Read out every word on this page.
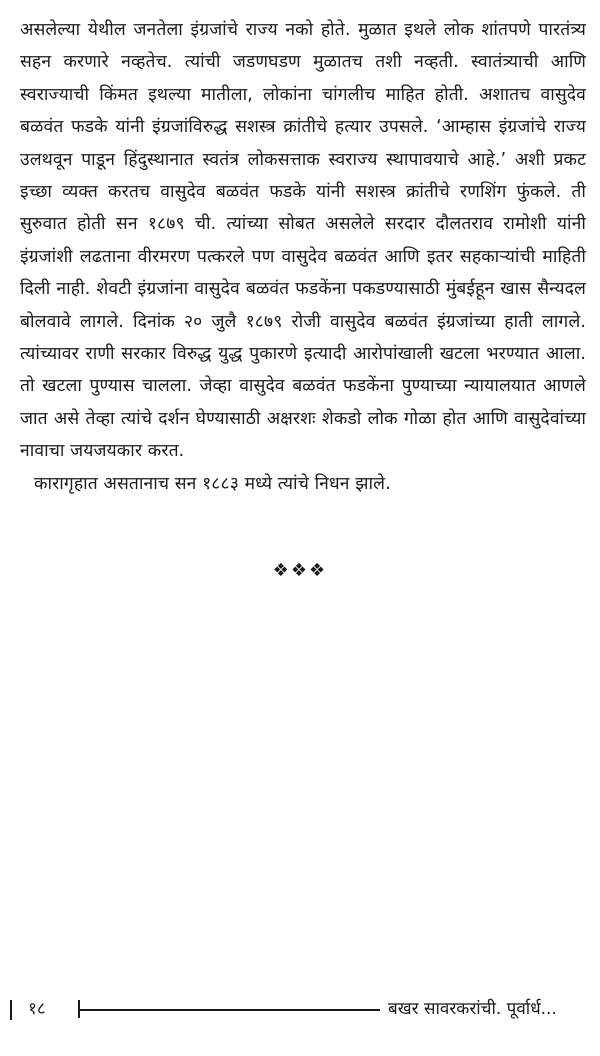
असलेल्या येथील जनतेला इंग्रजांचे राज्य नको होते. मुळात इथले लोक शांतपणे पारतंत्र्य सहन करणारे नव्हतेच. त्यांची जडणघडण मुळातच तशी नव्हती. स्वातंत्र्याची आणि स्वराज्याची किंमत इथल्या मातीला, लोकांना चांगलीच माहित होती. अशातच वासुदेव बळवंत फडके यांनी इंग्रजांविरुद्ध सशस्त्र क्रांतीचे हत्यार उपसले. ‘आम्हास इंग्रजांचे राज्य उलथवून पाडून हिंदुस्थानात स्वतंत्र लोकसत्ताक स्वराज्य स्थापावयाचे आहे.’ अशी प्रकट इच्छा व्यक्त करतच वासुदेव बळवंत फडके यांनी सशस्त्र क्रांतीचे रणशिंग फुंकले. ती सुरुवात होती सन १८७९ ची. त्यांच्या सोबत असलेले सरदार दौलतराव रामोशी यांनी इंग्रजांशी लढताना वीरमरण पत्करले पण वासुदेव बळवंत आणि इतर सहकाऱ्यांची माहिती दिली नाही. शेवटी इंग्रजांना वासुदेव बळवंत फडकेंना पकडण्यासाठी मुंबईहून खास सैन्यदल बोलवावे लागले. दिनांक २० जुलै १८७९ रोजी वासुदेव बळवंत इंग्रजांच्या हाती लागले. त्यांच्यावर राणी सरकार विरुद्ध युद्ध पुकारणे इत्यादी आरोपांखाली खटला भरण्यात आला. तो खटला पुण्यास चालला. जेव्हा वासुदेव बळवंत फडकेंना पुण्याच्या न्यायालयात आणले जात असे तेव्हा त्यांचे दर्शन घेण्यासाठी अक्षरशः शेकडो लोक गोळा होत आणि वासुदेवांच्या नावाचा जयजयकार करत.

कारागृहात असतानाच सन १८८३ मध्ये त्यांचे निधन झाले.

❖❖❖
१८	बखर सावरकरांची. पूर्वार्ध...
